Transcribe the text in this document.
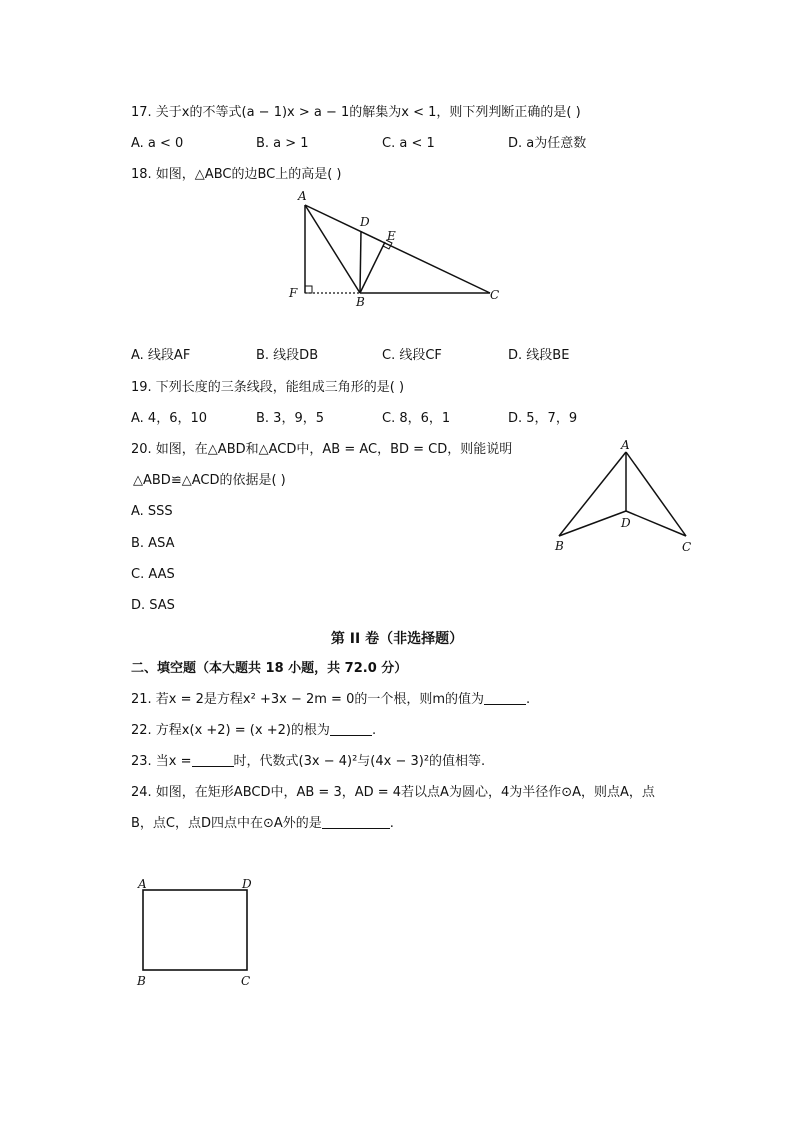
17. 关于x的不等式(a − 1)x > a − 1的解集为x < 1，则下列判断正确的是( )
A. a < 0	B. a > 1	C. a < 1	D. a为任意数
18. 如图，△ABC的边BC上的高是( )
A
D
E
F
B	C
A. 线段AF	B. 线段DB	C. 线段CF	D. 线段BE
19. 下列长度的三条线段，能组成三角形的是( )
A. 4，6，10	B. 3，9，5	C. 8，6，1	D. 5，7，9
20. 如图，在△ABD和△ACD中，AB = AC，BD = CD，则能说明
△ABD≌△ACD的依据是( )
A. SSS
B. ASA
C. AAS
D. SAS
A
D
B	C
第 II 卷（非选择题）
二、填空题（本大题共 18 小题，共 72.0 分）
21. 若x = 2是方程x² +3x − 2m = 0的一个根，则m的值为	.
22. 方程x(x +2) = (x +2)的根为	.
23. 当x =	时，代数式(3x − 4)²与(4x − 3)²的值相等.
24. 如图，在矩形ABCD中，AB = 3，AD = 4若以点A为圆心，4为半径作⊙A，则点A，点
B，点C，点D四点中在⊙A外的是	.
A	D
B	C
